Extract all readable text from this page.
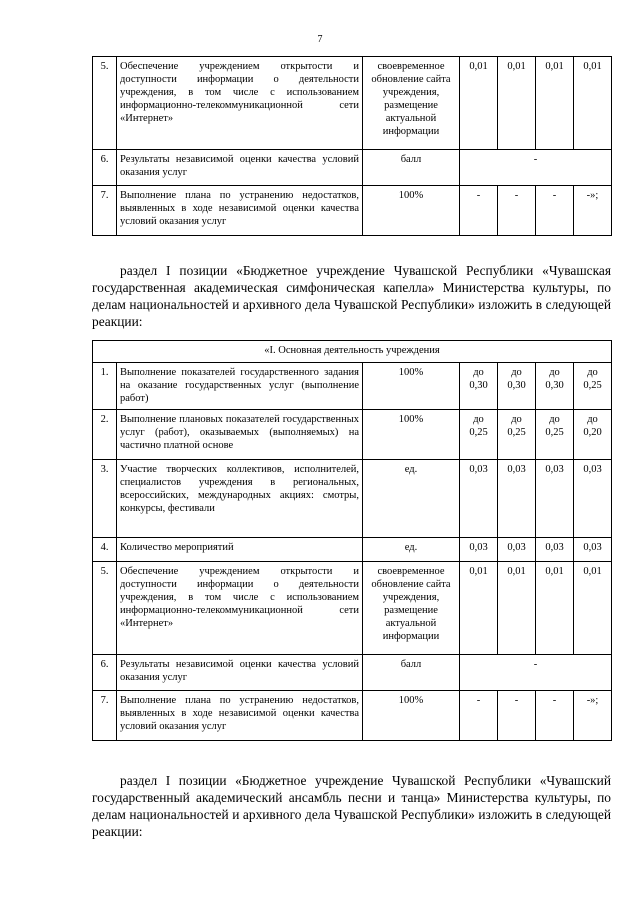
7
5.	Обеспечение учреждением открытости и доступности информации о деятельности учреждения, в том числе с использованием информационно-телекоммуникационной сети «Интернет»	своевременное обновление сайта учреждения, размещение актуальной информации	0,01	0,01	0,01	0,01
6.	Результаты независимой оценки качества условий оказания услуг	балл	-			
7.	Выполнение плана по устранению недостатков, выявленных в ходе независимой оценки качества условий оказания услуг	100%	-	-	-	-»;
раздел I позиции «Бюджетное учреждение Чувашской Республики «Чувашская государственная академическая симфоническая капелла» Министерства культуры, по делам национальностей и архивного дела Чувашской Республики» изложить в следующей реакции:
«I. Основная деятельность учреждения						
1.	Выполнение показателей государственного задания на оказание государственных услуг (выполнение работ)	100%	до 0,30	до 0,30	до 0,30	до 0,25
2.	Выполнение плановых показателей государственных услуг (работ), оказываемых (выполняемых) на частично платной основе	100%	до 0,25	до 0,25	до 0,25	до 0,20
3.	Участие творческих коллективов, исполнителей, специалистов учреждения в региональных, всероссийских, международных акциях: смотры, конкурсы, фестивали	ед.	0,03	0,03	0,03	0,03
4.	Количество мероприятий	ед.	0,03	0,03	0,03	0,03
5.	Обеспечение учреждением открытости и доступности информации о деятельности учреждения, в том числе с использованием информационно-телекоммуникационной сети «Интернет»	своевременное обновление сайта учреждения, размещение актуальной информации	0,01	0,01	0,01	0,01
6.	Результаты независимой оценки качества условий оказания услуг	балл	-			
7.	Выполнение плана по устранению недостатков, выявленных в ходе независимой оценки качества условий оказания услуг	100%	-	-	-	-»;
раздел I позиции «Бюджетное учреждение Чувашской Республики «Чувашский государственный академический ансамбль песни и танца» Министерства культуры, по делам национальностей и архивного дела Чувашской Республики» изложить в следующей реакции:
